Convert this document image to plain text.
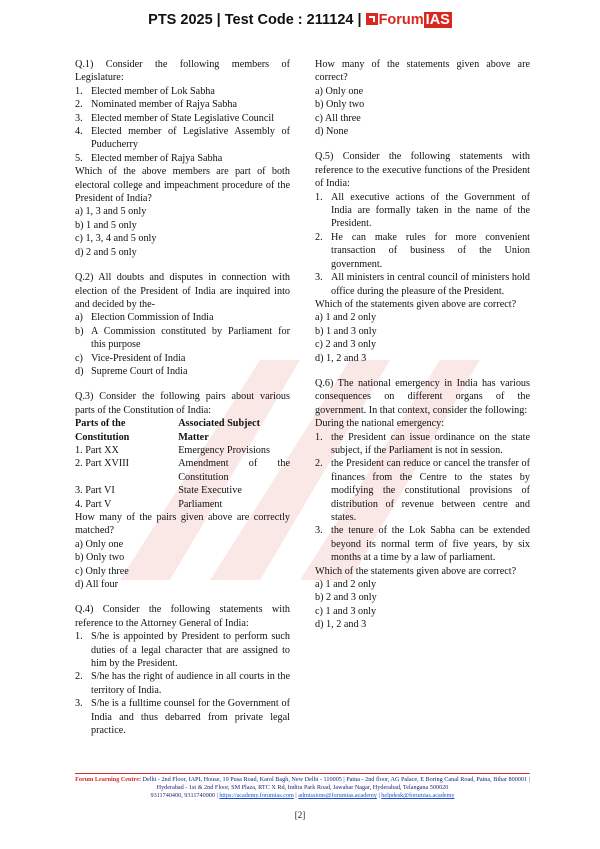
PTS 2025 | Test Code : 211124 | Forum IAS

Q.1) Consider the following members of Legislature:

1. Elected member of Lok Sabha
2. Nominated member of Rajya Sabha
3. Elected member of State Legislative Council
4. Elected member of Legislative Assembly of Puducherry
5. Elected member of Rajya Sabha

Which of the above members are part of both electoral college and impeachment procedure of the President of India?

a) 1, 3 and 5 only
b) 1 and 5 only
c) 1, 3, 4 and 5 only
d) 2 and 5 only

Q.2) All doubts and disputes in connection with election of the President of India are inquired into and decided by the-

a) Election Commission of India
b) A Commission constituted by Parliament for this purpose
c) Vice-President of India
d) Supreme Court of India

Q.3) Consider the following pairs about various parts of the Constitution of India:

Parts of the Constitution	Associated Subject Matter
1. Part XX	Emergency Provisions
2. Part XVIII	Amendment of the Constitution
3. Part VI	State Executive
4. Part V	Parliament

How many of the pairs given above are correctly matched?

a) Only one
b) Only two
c) Only three
d) All four

Q.4) Consider the following statements with reference to the Attorney General of India:

1. S/he is appointed by President to perform such duties of a legal character that are assigned to him by the President.
2. S/he has the right of audience in all courts in the territory of India.
3. S/he is a fulltime counsel for the Government of India and thus debarred from private legal practice.

How many of the statements given above are correct?

a) Only one
b) Only two
c) All three
d) None

Q.5) Consider the following statements with reference to the executive functions of the President of India:

1. All executive actions of the Government of India are formally taken in the name of the President.
2. He can make rules for more convenient transaction of business of the Union government.
3. All ministers in central council of ministers hold office during the pleasure of the President.

Which of the statements given above are correct?

a) 1 and 2 only
b) 1 and 3 only
c) 2 and 3 only
d) 1, 2 and 3

Q.6) The national emergency in India has various consequences on different organs of the government. In that context, consider the following:

During the national emergency:

1. the President can issue ordinance on the state subject, if the Parliament is not in session.
2. the President can reduce or cancel the transfer of finances from the Centre to the states by modifying the constitutional provisions of distribution of revenue between centre and states.
3. the tenure of the Lok Sabha can be extended beyond its normal term of five years, by six months at a time by a law of parliament.

Which of the statements given above are correct?

a) 1 and 2 only
b) 2 and 3 only
c) 1 and 3 only
d) 1, 2 and 3
Forum Learning Centre: Delhi - 2nd Floor, IAPL House, 19 Pusa Road, Karol Bagh, New Delhi - 110005 | Patna - 2nd floor, AG Palace, E Boring Canal Road, Patna, Bihar 800001 | Hyderabad - 1st & 2nd Floor, SM Plaza, RTC X Rd, Indira Park Road, Jawahar Nagar, Hyderabad, Telangana 500020
9311740400, 9311740900 | https://academy.forumias.com | admissions@forumias.academy | helpdesk@forumias.academy
[2]
